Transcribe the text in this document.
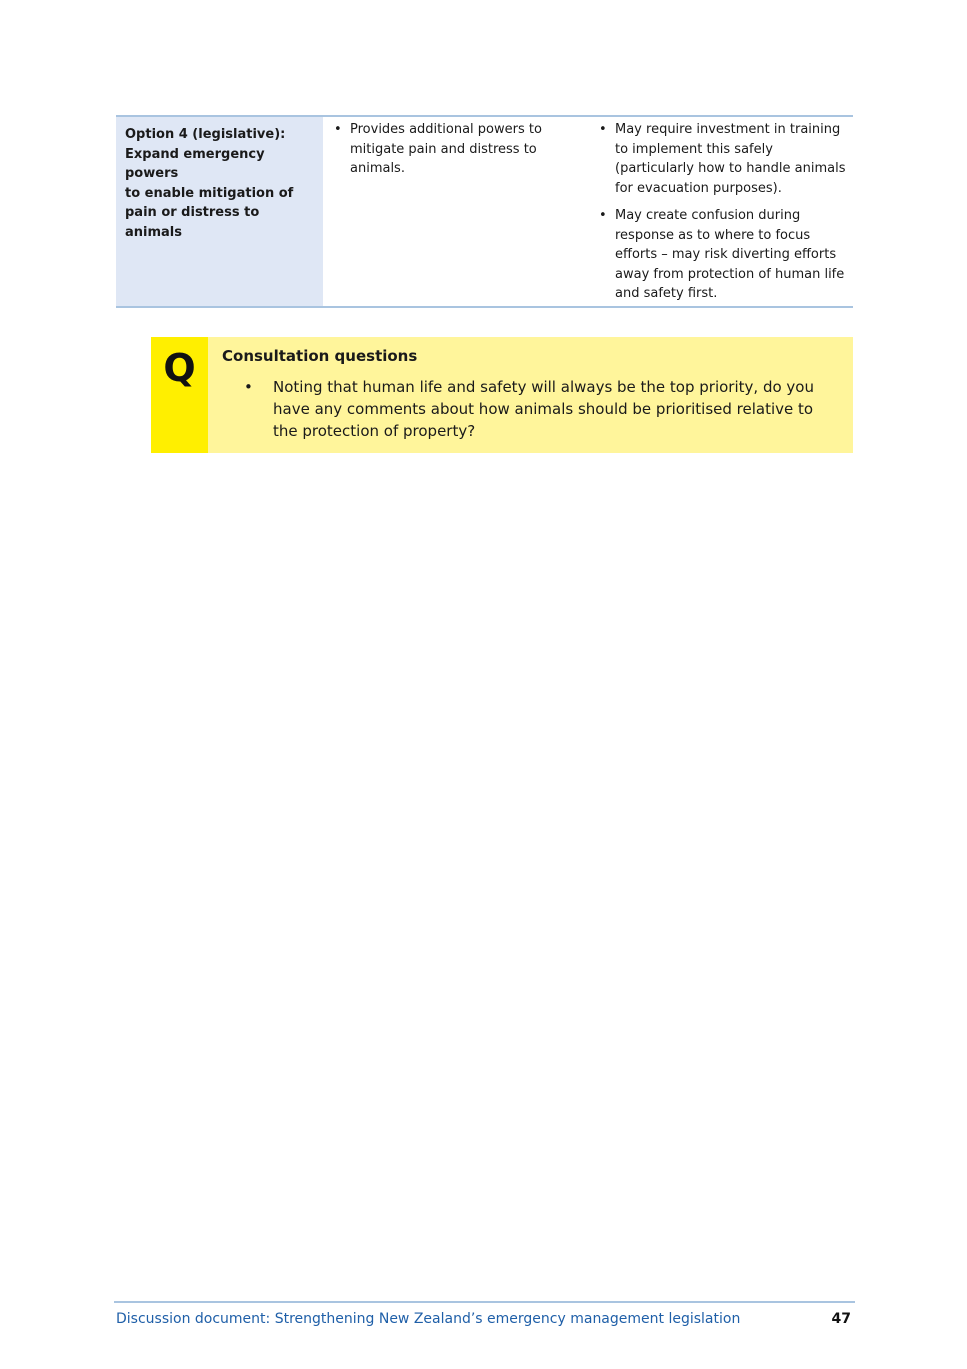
Option 4 (legislative):
Expand emergency powers
to enable mitigation of
pain or distress to animals
• Provides additional powers to mitigate pain and distress to animals.
• May require investment in training to implement this safely (particularly how to handle animals for evacuation purposes).
• May create confusion during response as to where to focus efforts – may risk diverting efforts away from protection of human life and safety first.
Q	Consultation questions
• Noting that human life and safety will always be the top priority, do you have any comments about how animals should be prioritised relative to the protection of property?
Discussion document: Strengthening New Zealand’s emergency management legislation	47
